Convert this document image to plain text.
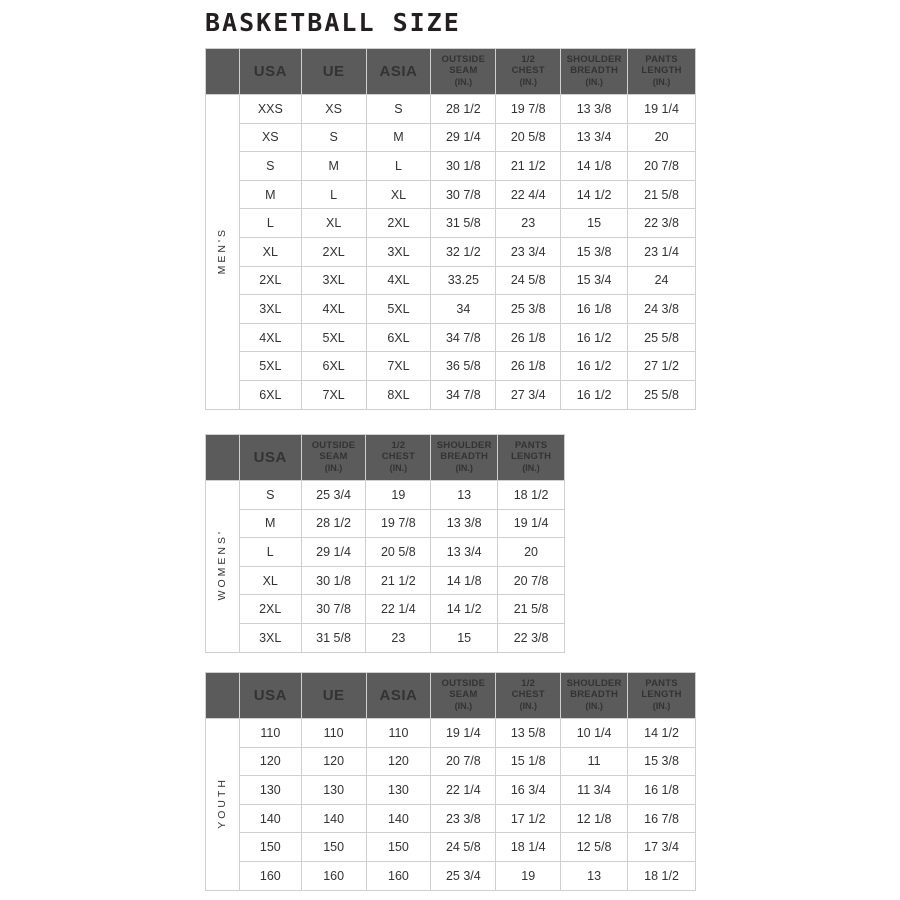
BASKETBALL SIZE
	USA	UE	ASIA	OUTSIDE
SEAM
(IN.)	1/2
CHEST
(IN.)	SHOULDER
BREADTH
(IN.)	PANTS
LENGTH
(IN.)

MEN'S	XXS	XS	S	28 1/2	19 7/8	13 3/8	19 1/4
	XS	S	M	29 1/4	20 5/8	13 3/4	20
	S	M	L	30 1/8	21 1/2	14 1/8	20 7/8
	M	L	XL	30 7/8	22 4/4	14 1/2	21 5/8
	L	XL	2XL	31 5/8	23	15	22 3/8
	XL	2XL	3XL	32 1/2	23 3/4	15 3/8	23 1/4
	2XL	3XL	4XL	33.25	24 5/8	15 3/4	24
	3XL	4XL	5XL	34	25 3/8	16 1/8	24 3/8
	4XL	5XL	6XL	34 7/8	26 1/8	16 1/2	25 5/8
	5XL	6XL	7XL	36 5/8	26 1/8	16 1/2	27 1/2
	6XL	7XL	8XL	34 7/8	27 3/4	16 1/2	25 5/8
	USA	OUTSIDE
SEAM
(IN.)	1/2
CHEST
(IN.)	SHOULDER
BREADTH
(IN.)	PANTS
LENGTH
(IN.)

WOMENS'	S	25 3/4	19	13	18 1/2
	M	28 1/2	19 7/8	13 3/8	19 1/4
	L	29 1/4	20 5/8	13 3/4	20
	XL	30 1/8	21 1/2	14 1/8	20 7/8
	2XL	30 7/8	22 1/4	14 1/2	21 5/8
	3XL	31 5/8	23	15	22 3/8
	USA	UE	ASIA	OUTSIDE
SEAM
(IN.)	1/2
CHEST
(IN.)	SHOULDER
BREADTH
(IN.)	PANTS
LENGTH
(IN.)

YOUTH	110	110	110	19 1/4	13 5/8	10 1/4	14 1/2
	120	120	120	20 7/8	15 1/8	11	15 3/8
	130	130	130	22 1/4	16 3/4	11 3/4	16 1/8
	140	140	140	23 3/8	17 1/2	12 1/8	16 7/8
	150	150	150	24 5/8	18 1/4	12 5/8	17 3/4
	160	160	160	25 3/4	19	13	18 1/2
